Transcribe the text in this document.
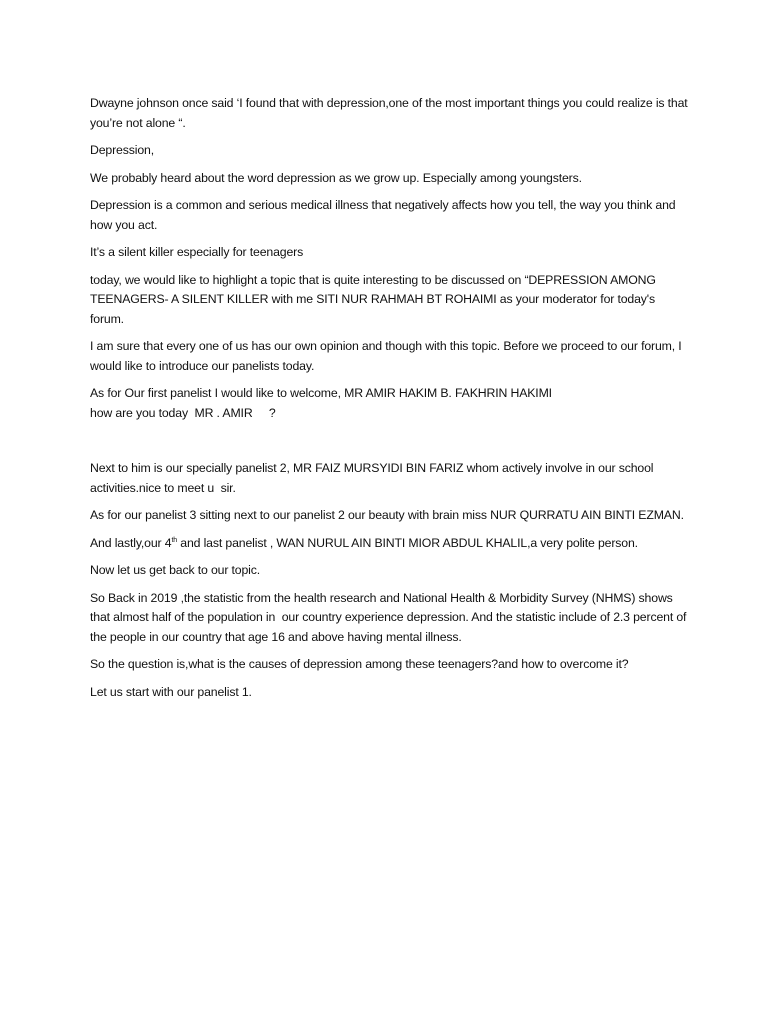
Dwayne johnson once said ‘I found that with depression,one of the most important things you could realize is that you’re not alone “.

Depression,

We probably heard about the word depression as we grow up. Especially among youngsters.

Depression is a common and serious medical illness that negatively affects how you tell, the way you think and how you act.

It’s a silent killer especially for teenagers

today, we would like to highlight a topic that is quite interesting to be discussed on “DEPRESSION AMONG TEENAGERS- A SILENT KILLER with me SITI NUR RAHMAH BT ROHAIMI as your moderator for today's forum.

I am sure that every one of us has our own opinion and though with this topic. Before we proceed to our forum, I would like to introduce our panelists today.

As for Our first panelist I would like to welcome, MR AMIR HAKIM B. FAKHRIN HAKIMI

how are you today  MR . AMIR     ?

Next to him is our specially panelist 2, MR FAIZ MURSYIDI BIN FARIZ whom actively involve in our school activities.nice to meet u  sir.

As for our panelist 3 sitting next to our panelist 2 our beauty with brain miss NUR QURRATU AIN BINTI EZMAN.

And lastly,our 4th and last panelist , WAN NURUL AIN BINTI MIOR ABDUL KHALIL,a very polite person.

Now let us get back to our topic.

So Back in 2019 ,the statistic from the health research and National Health & Morbidity Survey (NHMS) shows that almost half of the population in  our country experience depression. And the statistic include of 2.3 percent of the people in our country that age 16 and above having mental illness.

So the question is,what is the causes of depression among these teenagers?and how to overcome it?

Let us start with our panelist 1.
